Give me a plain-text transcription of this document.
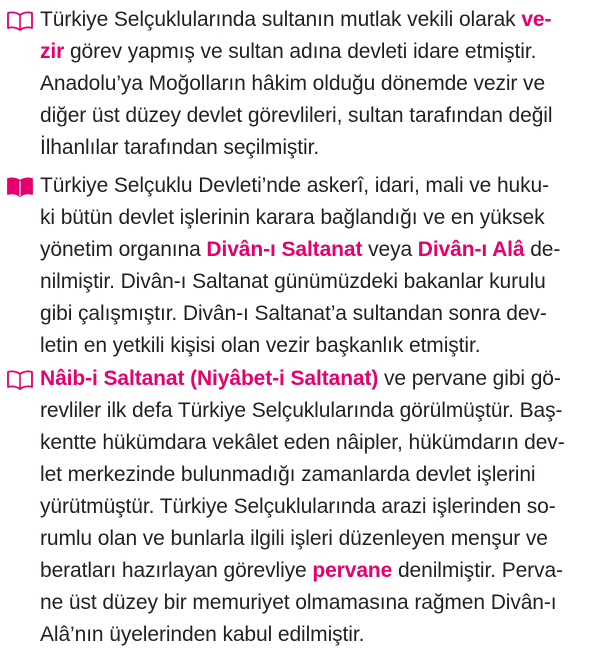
Türkiye Selçuklularında sultanın mutlak vekili olarak ve-
zir görev yapmış ve sultan adına devleti idare etmiştir.
Anadolu’ya Moğolların hâkim olduğu dönemde vezir ve
diğer üst düzey devlet görevlileri, sultan tarafından değil
İlhanlılar tarafından seçilmiştir.
Türkiye Selçuklu Devleti’nde askerî, idari, mali ve huku-
ki bütün devlet işlerinin karara bağlandığı ve en yüksek
yönetim organına Divân-ı Saltanat veya Divân-ı Alâ de-
nilmiştir. Divân-ı Saltanat günümüzdeki bakanlar kurulu
gibi çalışmıştır. Divân-ı Saltanat’a sultandan sonra dev-
letin en yetkili kişisi olan vezir başkanlık etmiştir.
Nâib-i Saltanat (Niyâbet-i Saltanat) ve pervane gibi gö-
revliler ilk defa Türkiye Selçuklularında görülmüştür. Baş-
kentte hükümdara vekâlet eden nâipler, hükümdarın dev-
let merkezinde bulunmadığı zamanlarda devlet işlerini
yürütmüştür. Türkiye Selçuklularında arazi işlerinden so-
rumlu olan ve bunlarla ilgili işleri düzenleyen menşur ve
beratları hazırlayan görevliye pervane denilmiştir. Perva-
ne üst düzey bir memuriyet olmamasına rağmen Divân-ı
Alâ’nın üyelerinden kabul edilmiştir.
